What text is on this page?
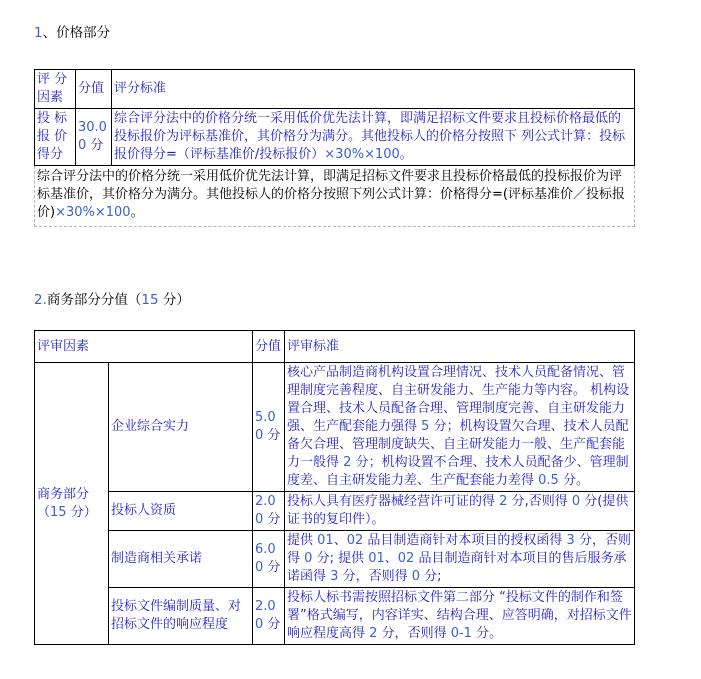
1、价格部分
评 分因素	分值	评分标准
投 标报 价得分	30.00 分	综合评分法中的价格分统一采用低价优先法计算，即满足招标文件要求且投标价格最低的投标报价为评标基准价，其价格分为满分。其他投标人的价格分按照下 列公式计算：投标报价得分=（评标基准价/投标报价）×30%×100。
综合评分法中的价格分统一采用低价优先法计算，即满足招标文件要求且投标价格最低的投标报价为评标基准价，其价格分为满分。其他投标人的价格分按照下列公式计算：价格得分=(评标基准价／投标报价)×30%×100。
2.商务部分分值（15 分）
评审因素		分值	评审标准
商务部分 （15 分）	企业综合实力	5.00 分	核心产品制造商机构设置合理情况、技术人员配备情况、管理制度完善程度、自主研发能力、生产能力等内容。 机构设置合理、技术人员配备合理、管理制度完善、自主研发能力强、生产配套能力强得 5 分；机构设置欠合理、技术人员配备欠合理、管理制度缺失、自主研发能力一般、生产配套能力一般得 2 分；机构设置不合理、技术人员配备少、管理制度差、自主研发能力差、生产配套能力差得 0.5 分。
	投标人资质	2.00 分	投标人具有医疗器械经营许可证的得 2 分,否则得 0 分(提供证书的复印件）。
	制造商相关承诺	6.00 分	提供 01、02 品目制造商针对本项目的授权函得 3 分，否则得 0 分; 提供 01、02 品目制造商针对本项目的售后服务承诺函得 3 分，否则得 0 分;
	投标文件编制质量、对招标文件的响应程度	2.00 分	投标人标书需按照招标文件第二部分 “投标文件的制作和签署”格式编写，内容详实、结构合理、应答明确，对招标文件响应程度高得 2 分，否则得 0-1 分。
